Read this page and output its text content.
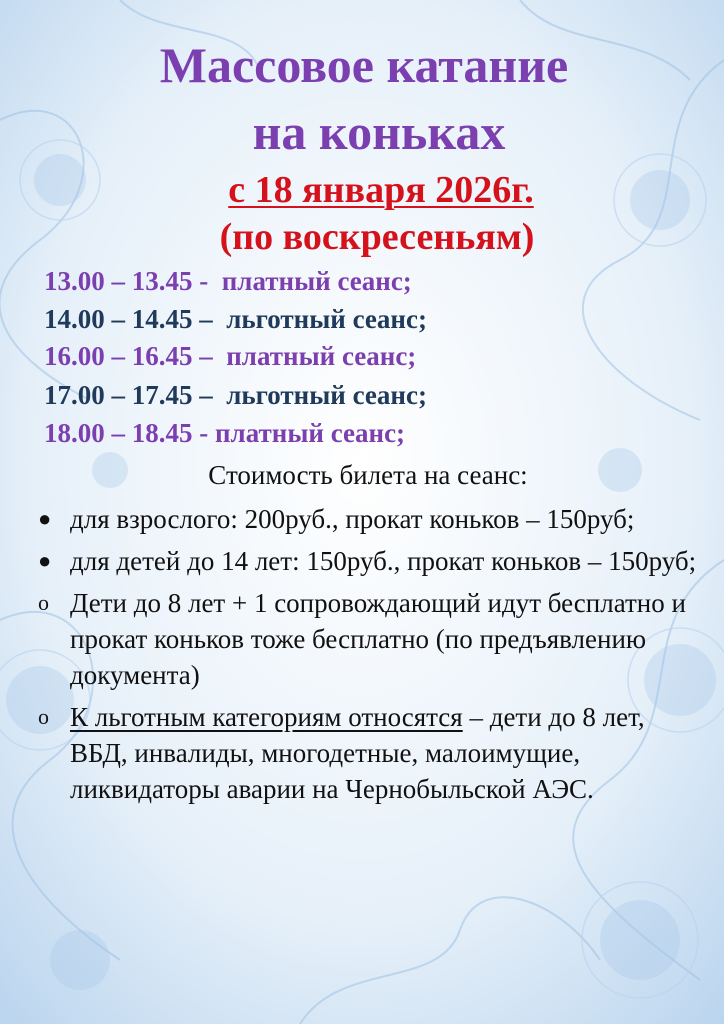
Массовое катание
на коньках
с 18 января 2026г.
(по воскресеньям)
13.00 – 13.45 -  платный сеанс;
14.00 – 14.45 –  льготный сеанс;
16.00 – 16.45 –  платный сеанс;
17.00 – 17.45 –  льготный сеанс;
18.00 – 18.45 - платный сеанс;
Стоимость билета на сеанс:
● для взрослого: 200руб., прокат коньков – 150руб;
● для детей до 14 лет: 150руб., прокат коньков – 150руб;
o Дети до 8 лет + 1 сопровождающий идут бесплатно и прокат коньков тоже бесплатно (по предъявлению документа)
o К льготным категориям относятся – дети до 8 лет, ВБД, инвалиды, многодетные, малоимущие, ликвидаторы аварии на Чернобыльской АЭС.
